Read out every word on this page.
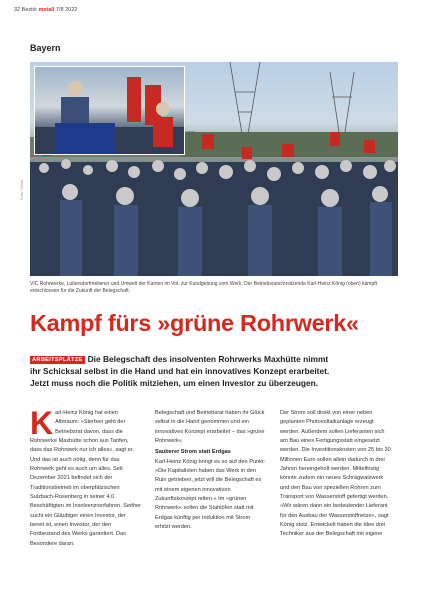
32 Bezirk metall 7/8 2022
Bayern
Foto: Privat
VIC Rohrwerke, Luitersdorfmeilener und Umwelt der Kamen im Vol. zur Kundgebung vom Werk. Der Betriebsratsvorsitzende Karl-Heinz König (oben) kämpft entschlossen für die Zukunft der Belegschaft.
Kampf fürs »grüne Rohrwerk«
ARBEITSPLÄTZE Die Belegschaft des insolventen Rohrwerks Maxhütte nimmt ihr Schicksal selbst in die Hand und hat ein innovatives Konzept erarbeitet. Jetzt muss noch die Politik mitziehen, um einen Investor zu überzeugen.
K arl-Heinz König hat einen Albtraum: »Sterben geht der Betriebsrat davon, dass die Rohrwerke Maxhütte schon aus Tarifen, dass das Rohrwerk nur ich alles«, sagt er. Und das ist auch nötig, denn für das Rohrwerk geht es auch um alles. Seit Dezember 2021 befindet sich der Traditionsbetrieb im oberpfälzischen Sulzbach-Rosenberg in seiner 4,0 Beschäftigten im Insolvenzverfahren. Seither sucht ein Gläubiger einen Investor, der bereit ist, einen Investor, der den Fortbestand des Werks garantiert. Das Besondere daran:

Belegschaft und Betriebsrat haben ihr Glück selbst in die Hand genommen und ein innovatives Konzept erarbeitet – das »grüne Rohrwerk«.

Sauberer Strom statt Erdgas

Karl-Heinz König bringt es so auf den Punkt: »Die Kapitalisten haben das Werk in den Ruin getrieben, jetzt will die Belegschaft es mit einem eigenen innovativen Zukunftskonzept retten.« Im »grünen Rohrwerk« sollen die Stahlöfen statt mit Erdgas künftig per Induktion mit Strom erhitzt werden.

Der Strom soll direkt von einer neben geplanten Photovoltaikanlage erzeugt werden. Außerdem sollen Lieferanten sich am Bau eines Fertigungsstatt eingesetzt werden. Die Investitionskosten von 25 bis 30 Millionen Euro sollen allein dadurch in drei Jahren hereingeholt werden. Mittelfristig könnte zudem ein neues Schrägwalzwerk und den Bau von speziellen Rohren zum Transport von Wasserstoff gefertigt werden. »Wir wären dann ein bedeutender Lieferant für den Ausbau der Wasserstoffnetze«, sagt König stolz. Entwickelt haben die Idee drei Techniker aus der Belegschaft mit eigene
